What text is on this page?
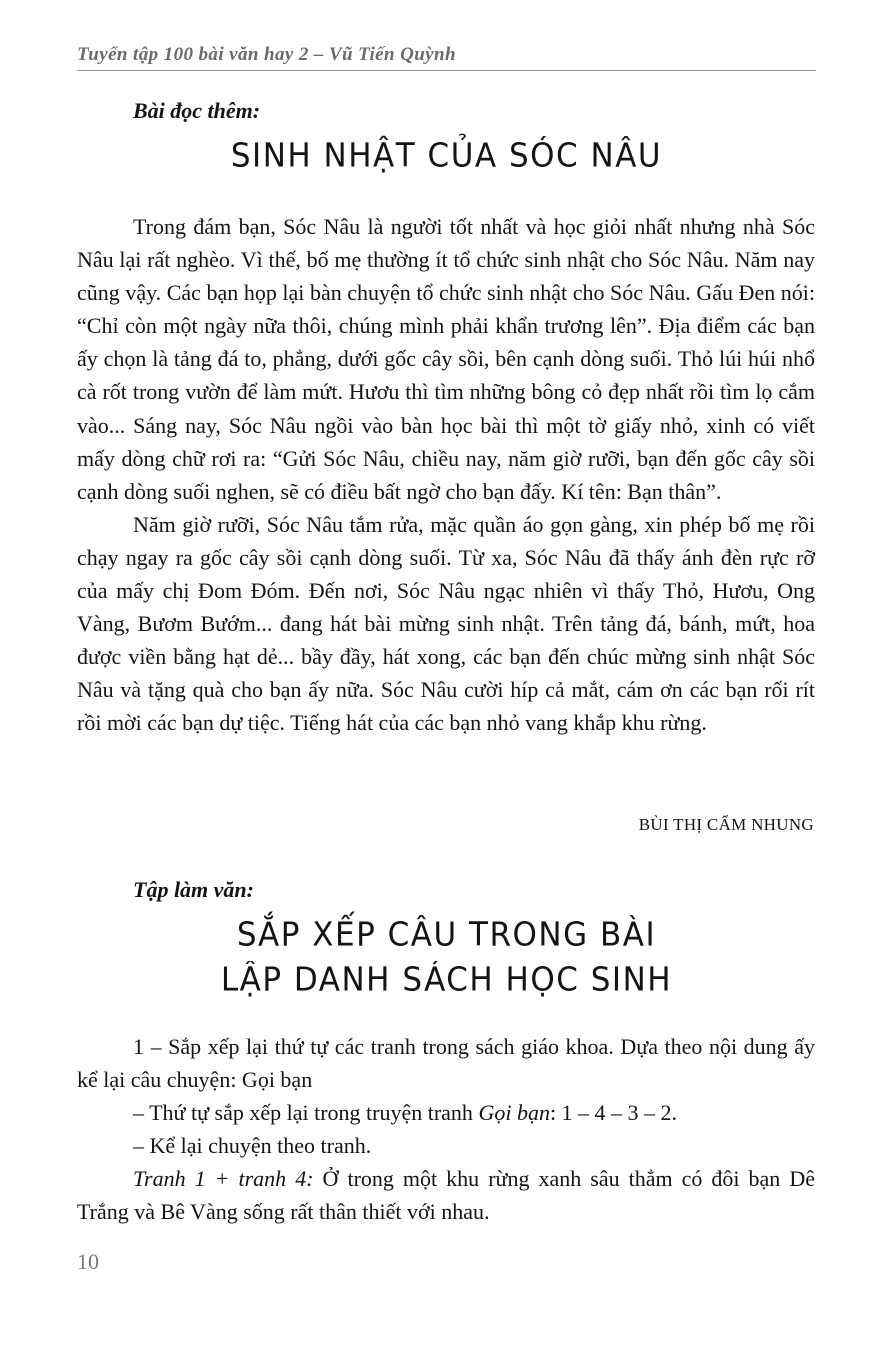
Tuyển tập 100 bài văn hay 2 – Vũ Tiến Quỳnh
Bài đọc thêm:
SINH NHẬT CỦA SÓC NÂU

Trong đám bạn, Sóc Nâu là người tốt nhất và học giỏi nhất nhưng nhà Sóc Nâu lại rất nghèo. Vì thế, bố mẹ thường ít tổ chức sinh nhật cho Sóc Nâu. Năm nay cũng vậy. Các bạn họp lại bàn chuyện tổ chức sinh nhật cho Sóc Nâu. Gấu Đen nói: “Chỉ còn một ngày nữa thôi, chúng mình phải khẩn trương lên”. Địa điểm các bạn ấy chọn là tảng đá to, phẳng, dưới gốc cây sồi, bên cạnh dòng suối. Thỏ lúi húi nhổ cà rốt trong vườn để làm mứt. Hươu thì tìm những bông cỏ đẹp nhất rồi tìm lọ cắm vào... Sáng nay, Sóc Nâu ngồi vào bàn học bài thì một tờ giấy nhỏ, xinh có viết mấy dòng chữ rơi ra: “Gửi Sóc Nâu, chiều nay, năm giờ rưỡi, bạn đến gốc cây sồi cạnh dòng suối nghen, sẽ có điều bất ngờ cho bạn đấy. Kí tên: Bạn thân”.

Năm giờ rưỡi, Sóc Nâu tắm rửa, mặc quần áo gọn gàng, xin phép bố mẹ rồi chạy ngay ra gốc cây sồi cạnh dòng suối. Từ xa, Sóc Nâu đã thấy ánh đèn rực rỡ của mấy chị Đom Đóm. Đến nơi, Sóc Nâu ngạc nhiên vì thấy Thỏ, Hươu, Ong Vàng, Bươm Bướm... đang hát bài mừng sinh nhật. Trên tảng đá, bánh, mứt, hoa được viền bằng hạt dẻ... bầy đầy, hát xong, các bạn đến chúc mừng sinh nhật Sóc Nâu và tặng quà cho bạn ấy nữa. Sóc Nâu cười híp cả mắt, cám ơn các bạn rối rít rồi mời các bạn dự tiệc. Tiếng hát của các bạn nhỏ vang khắp khu rừng.

BÙI THỊ CẨM NHUNG
Tập làm văn:
SẮP XẾP CÂU TRONG BÀI
LẬP DANH SÁCH HỌC SINH

1 – Sắp xếp lại thứ tự các tranh trong sách giáo khoa. Dựa theo nội dung ấy kể lại câu chuyện: Gọi bạn

– Thứ tự sắp xếp lại trong truyện tranh Gọi bạn: 1 – 4 – 3 – 2.

– Kể lại chuyện theo tranh.

Tranh 1 + tranh 4: Ở trong một khu rừng xanh sâu thẳm có đôi bạn Dê Trắng và Bê Vàng sống rất thân thiết với nhau.

10
